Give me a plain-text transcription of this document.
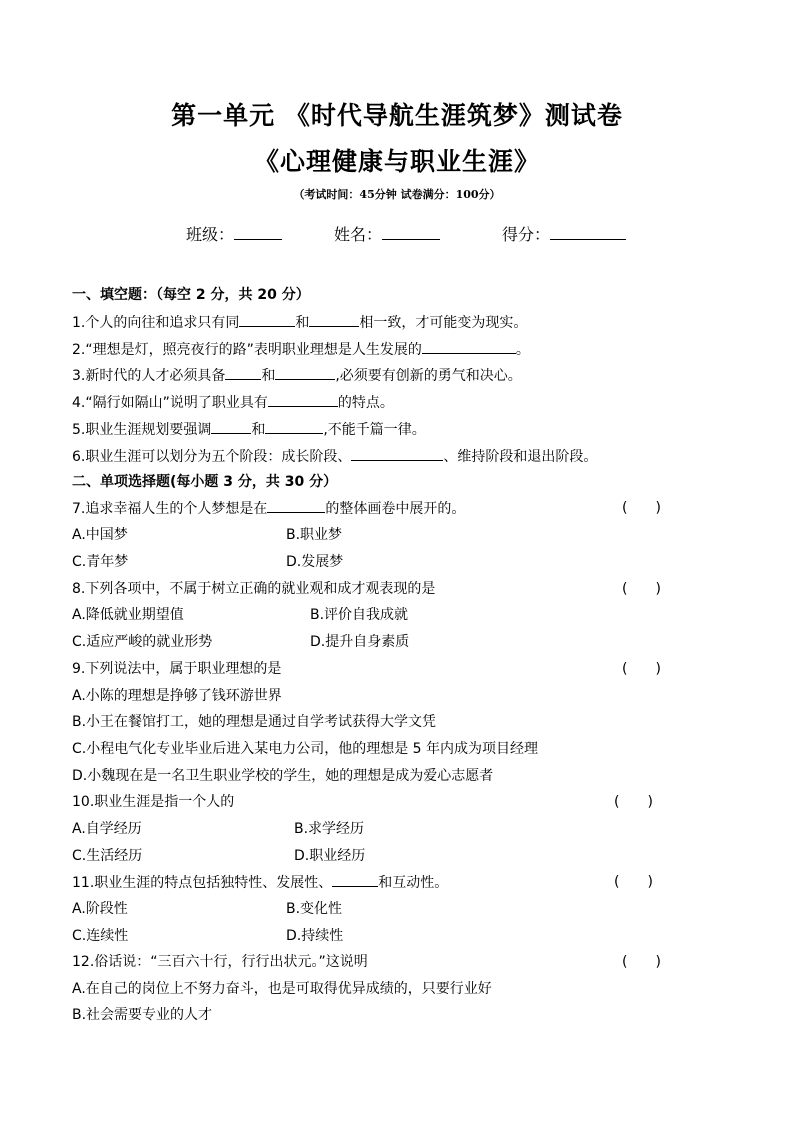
第一单元 《时代导航生涯筑梦》测试卷
《心理健康与职业生涯》
（考试时间：45分钟 试卷满分：100分）
班级：	姓名：	得分：
一、填空题：（每空 2 分，共 20 分）
1.个人的向往和追求只有同	和	相一致，才可能变为现实。
2.“理想是灯，照亮夜行的路”表明职业理想是人生发展的	。
3.新时代的人才必须具备	和	,必须要有创新的勇气和决心。
4.“隔行如隔山”说明了职业具有	的特点。
5.职业生涯规划要强调	和	,不能千篇一律。
6.职业生涯可以划分为五个阶段：成长阶段、	、维持阶段和退出阶段。
二、单项选择题(每小题 3 分，共 30 分）
7.追求幸福人生的个人梦想是在	的整体画卷中展开的。	(　　)
A.中国梦	B.职业梦
C.青年梦	D.发展梦
8.下列各项中，不属于树立正确的就业观和成才观表现的是	(　　)
A.降低就业期望值	B.评价自我成就
C.适应严峻的就业形势	D.提升自身素质
9.下列说法中，属于职业理想的是	(　　)
A.小陈的理想是挣够了钱环游世界
B.小王在餐馆打工，她的理想是通过自学考试获得大学文凭
C.小程电气化专业毕业后进入某电力公司，他的理想是 5 年内成为项目经理
D.小魏现在是一名卫生职业学校的学生，她的理想是成为爱心志愿者
10.职业生涯是指一个人的	(　　)
A.自学经历	B.求学经历
C.生活经历	D.职业经历
11.职业生涯的特点包括独特性、发展性、	和互动性。	(　　)
A.阶段性	B.变化性
C.连续性	D.持续性
12.俗话说：“三百六十行，行行出状元。”这说明	(　　)
A.在自己的岗位上不努力奋斗，也是可取得优异成绩的，只要行业好
B.社会需要专业的人才
